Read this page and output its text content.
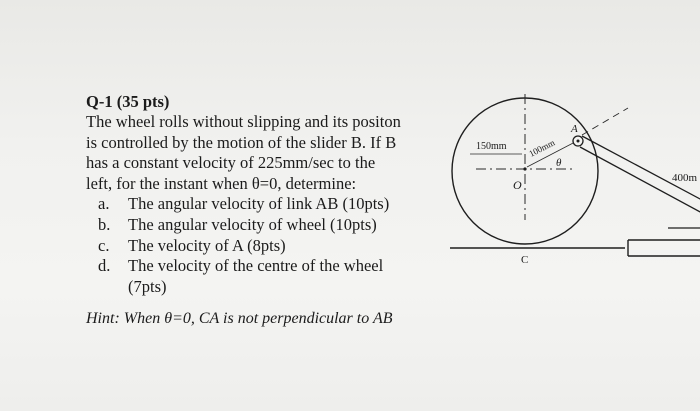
Q-1 (35 pts)

The wheel rolls without slipping and its positon

is controlled by the motion of the slider B. If B

has a constant velocity of 225mm/sec to the

left, for the instant when θ=0, determine:

a. The angular velocity of link AB (10pts)
b. The angular velocity of wheel (10pts)
c. The velocity of A (8pts)
d. The velocity of the centre of the wheel
(7pts)
Hint: When θ=0, CA is not perpendicular to AB
150mm 100mm
θ
O
A
400m
C
